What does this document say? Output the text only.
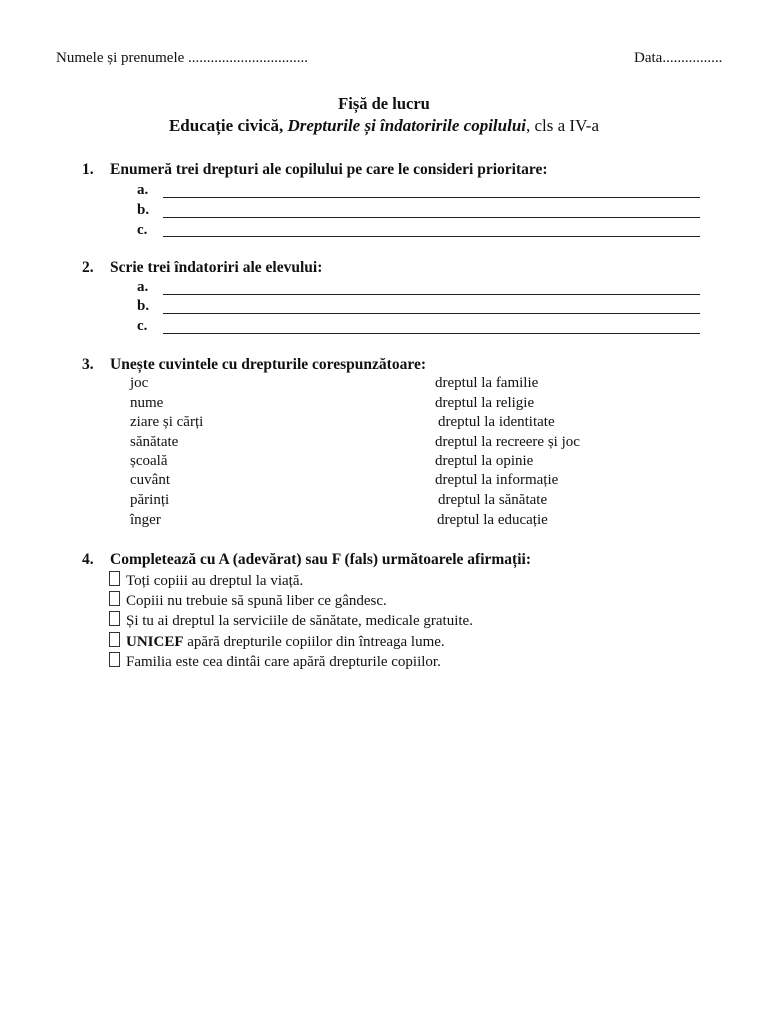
Numele și prenumele ................................	Data................
Fișă de lucru
Educație civică, Drepturile și îndatoririle copilului, cls a IV-a
1. Enumeră trei drepturi ale copilului pe care le consideri prioritare:
a.
b.
c.
2. Scrie trei îndatoriri ale elevului:
a.
b.
c.
3. Unește cuvintele cu drepturile corespunzătoare:
joc
nume
ziare și cărți
sănătate
școală
cuvânt
părinți
înger
dreptul la familie
dreptul la religie
dreptul la identitate
dreptul la recreere și joc
dreptul la opinie
dreptul la informație
dreptul la sănătate
dreptul la educație
4. Completează cu A (adevărat) sau F (fals) următoarele afirmații:
Toți copiii au dreptul la viață.
Copiii nu trebuie să spună liber ce gândesc.
Și tu ai dreptul la serviciile de sănătate, medicale gratuite.
UNICEF apără drepturile copiilor din întreaga lume.
Familia este cea dintâi care apără drepturile copiilor.
